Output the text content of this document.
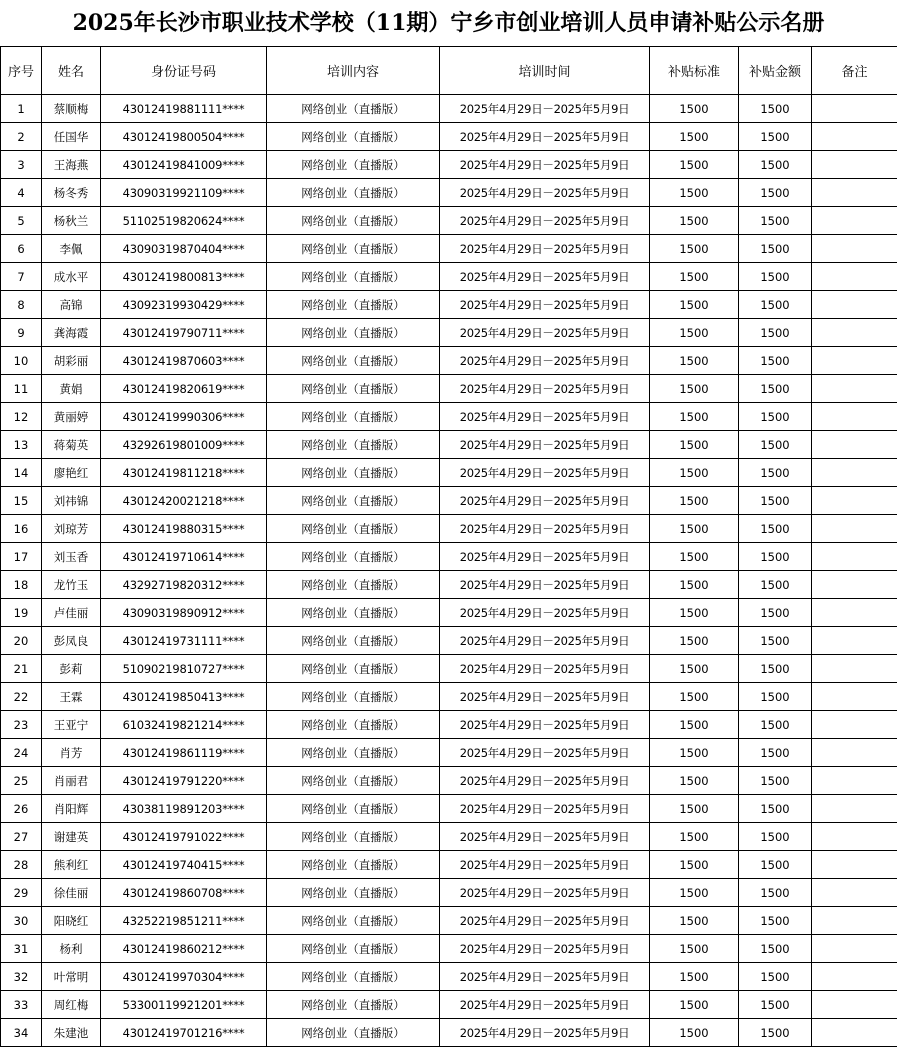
2025年长沙市职业技术学校（11期）宁乡市创业培训人员申请补贴公示名册
序号	姓名	身份证号码	培训内容	培训时间	补贴标准	补贴金额	备注
1	蔡顺梅	43012419881111****	网络创业（直播版）	2025年4月29日－2025年5月9日	1500	1500	
2	任国华	43012419800504****	网络创业（直播版）	2025年4月29日－2025年5月9日	1500	1500	
3	王海燕	43012419841009****	网络创业（直播版）	2025年4月29日－2025年5月9日	1500	1500	
4	杨冬秀	43090319921109****	网络创业（直播版）	2025年4月29日－2025年5月9日	1500	1500	
5	杨秋兰	51102519820624****	网络创业（直播版）	2025年4月29日－2025年5月9日	1500	1500	
6	李佩	43090319870404****	网络创业（直播版）	2025年4月29日－2025年5月9日	1500	1500	
7	成水平	43012419800813****	网络创业（直播版）	2025年4月29日－2025年5月9日	1500	1500	
8	高锦	43092319930429****	网络创业（直播版）	2025年4月29日－2025年5月9日	1500	1500	
9	龚海霞	43012419790711****	网络创业（直播版）	2025年4月29日－2025年5月9日	1500	1500	
10	胡彩丽	43012419870603****	网络创业（直播版）	2025年4月29日－2025年5月9日	1500	1500	
11	黄娟	43012419820619****	网络创业（直播版）	2025年4月29日－2025年5月9日	1500	1500	
12	黄丽婷	43012419990306****	网络创业（直播版）	2025年4月29日－2025年5月9日	1500	1500	
13	蒋菊英	43292619801009****	网络创业（直播版）	2025年4月29日－2025年5月9日	1500	1500	
14	廖艳红	43012419811218****	网络创业（直播版）	2025年4月29日－2025年5月9日	1500	1500	
15	刘祎锦	43012420021218****	网络创业（直播版）	2025年4月29日－2025年5月9日	1500	1500	
16	刘琼芳	43012419880315****	网络创业（直播版）	2025年4月29日－2025年5月9日	1500	1500	
17	刘玉香	43012419710614****	网络创业（直播版）	2025年4月29日－2025年5月9日	1500	1500	
18	龙竹玉	43292719820312****	网络创业（直播版）	2025年4月29日－2025年5月9日	1500	1500	
19	卢佳丽	43090319890912****	网络创业（直播版）	2025年4月29日－2025年5月9日	1500	1500	
20	彭凤良	43012419731111****	网络创业（直播版）	2025年4月29日－2025年5月9日	1500	1500	
21	彭莉	51090219810727****	网络创业（直播版）	2025年4月29日－2025年5月9日	1500	1500	
22	王霖	43012419850413****	网络创业（直播版）	2025年4月29日－2025年5月9日	1500	1500	
23	王亚宁	61032419821214****	网络创业（直播版）	2025年4月29日－2025年5月9日	1500	1500	
24	肖芳	43012419861119****	网络创业（直播版）	2025年4月29日－2025年5月9日	1500	1500	
25	肖丽君	43012419791220****	网络创业（直播版）	2025年4月29日－2025年5月9日	1500	1500	
26	肖阳辉	43038119891203****	网络创业（直播版）	2025年4月29日－2025年5月9日	1500	1500	
27	谢建英	43012419791022****	网络创业（直播版）	2025年4月29日－2025年5月9日	1500	1500	
28	熊利红	43012419740415****	网络创业（直播版）	2025年4月29日－2025年5月9日	1500	1500	
29	徐佳丽	43012419860708****	网络创业（直播版）	2025年4月29日－2025年5月9日	1500	1500	
30	阳晓红	43252219851211****	网络创业（直播版）	2025年4月29日－2025年5月9日	1500	1500	
31	杨利	43012419860212****	网络创业（直播版）	2025年4月29日－2025年5月9日	1500	1500	
32	叶常明	43012419970304****	网络创业（直播版）	2025年4月29日－2025年5月9日	1500	1500	
33	周红梅	53300119921201****	网络创业（直播版）	2025年4月29日－2025年5月9日	1500	1500	
34	朱建池	43012419701216****	网络创业（直播版）	2025年4月29日－2025年5月9日	1500	1500	
